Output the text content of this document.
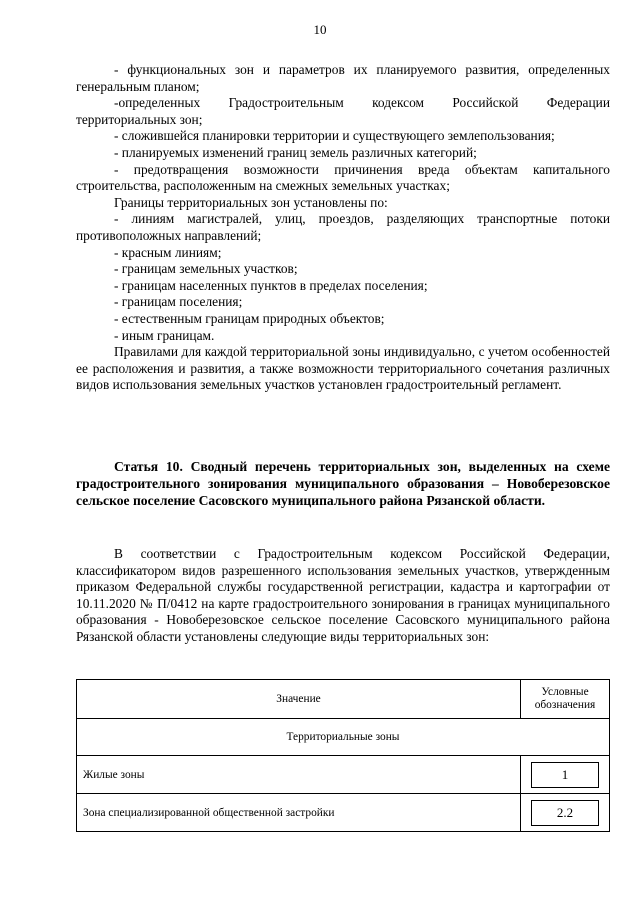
10

- функциональных зон и параметров их планируемого развития, определенных генеральным планом;

-определенных Градостроительным кодексом Российской Федерации территориальных зон;

- сложившейся планировки территории и существующего землепользования;

- планируемых изменений границ земель различных категорий;

- предотвращения возможности причинения вреда объектам капитального строительства, расположенным на смежных земельных участках;

Границы территориальных зон установлены по:

- линиям магистралей, улиц, проездов, разделяющих транспортные потоки противоположных направлений;

- красным линиям;

- границам земельных участков;

- границам населенных пунктов в пределах поселения;

- границам поселения;

- естественным границам природных объектов;

- иным границам.

Правилами для каждой территориальной зоны индивидуально, с учетом особенностей ее расположения и развития, а также возможности территориального сочетания различных видов использования земельных участков установлен градостроительный регламент.

Статья 10. Сводный перечень территориальных зон, выделенных на схеме градостроительного зонирования муниципального образования – Новоберезовское сельское поселение Сасовского муниципального района Рязанской области.

В соответствии с Градостроительным кодексом Российской Федерации, классификатором видов разрешенного использования земельных участков, утвержденным приказом Федеральной службы государственной регистрации, кадастра и картографии от 10.11.2020 № П/0412 на карте градостроительного зонирования в границах муниципального образования - Новоберезовское сельское поселение Сасовского муниципального района Рязанской области установлены следующие виды территориальных зон:

Значение	Условные обозначения
Территориальные зоны	
Жилые зоны	1
Зона специализированной общественной застройки	2.2
